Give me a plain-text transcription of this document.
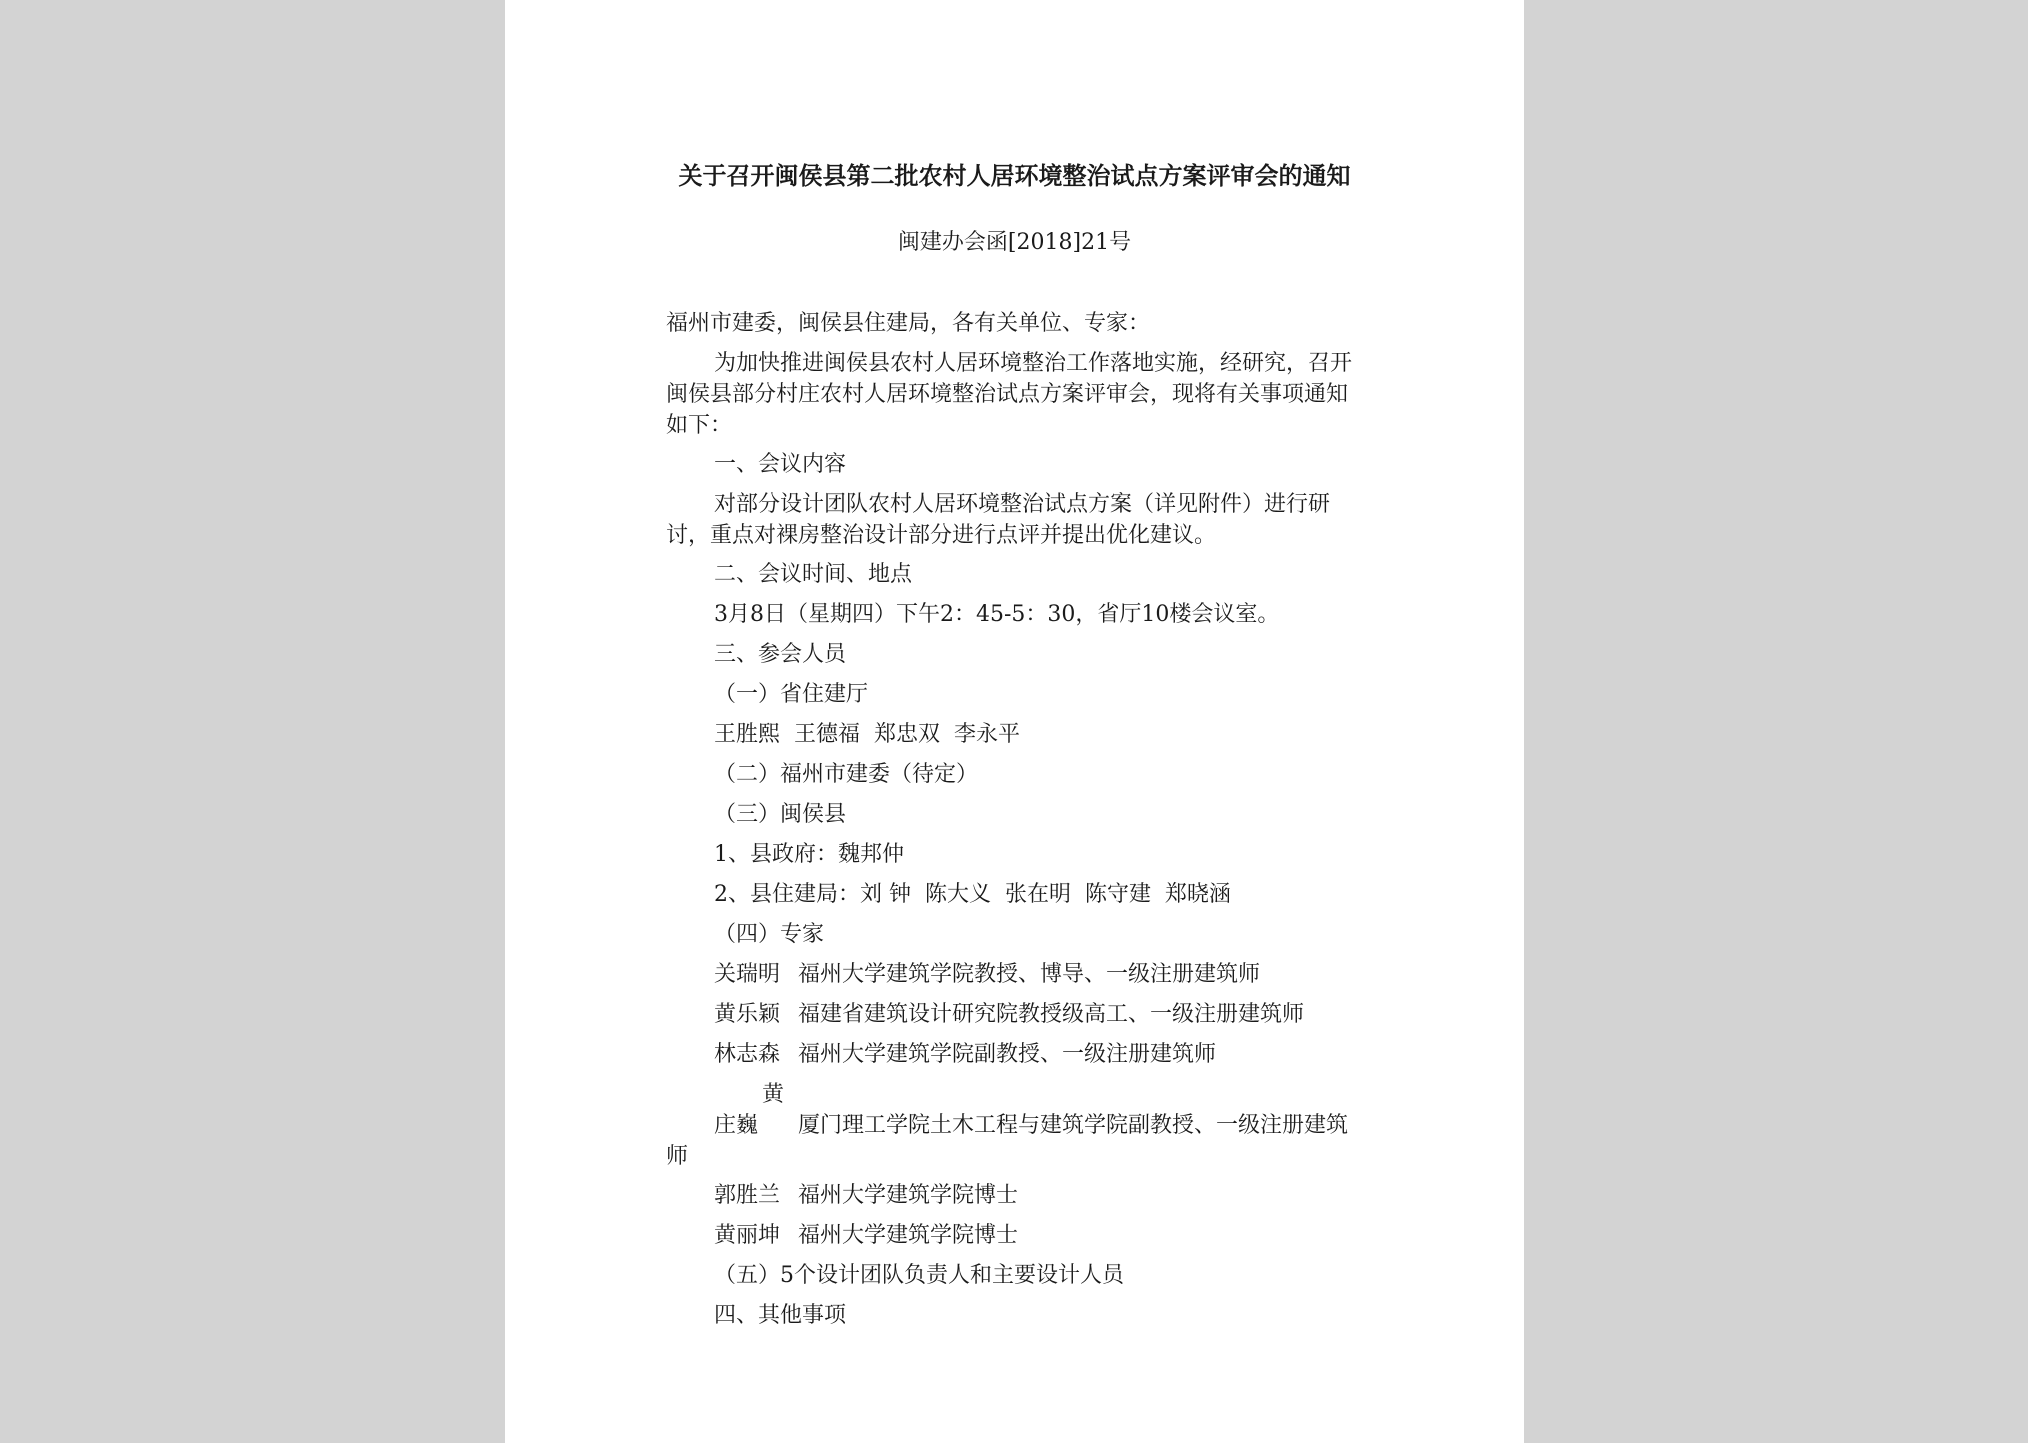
关于召开闽侯县第二批农村人居环境整治试点方案评审会的通知
闽建办会函[2018]21号
福州市建委，闽侯县住建局，各有关单位、专家：
为加快推进闽侯县农村人居环境整治工作落地实施，经研究，召开闽侯县部分村庄农村人居环境整治试点方案评审会，现将有关事项通知如下：
一、会议内容
对部分设计团队农村人居环境整治试点方案（详见附件）进行研讨，重点对裸房整治设计部分进行点评并提出优化建议。
二、会议时间、地点
3月8日（星期四）下午2：45-5：30，省厅10楼会议室。
三、参会人员
（一）省住建厅
王胜熙  王德福  郑忠双  李永平
（二）福州市建委（待定）
（三）闽侯县
1、县政府：魏邦仲
2、县住建局：刘 钟  陈大义  张在明  陈守建  郑晓涵
（四）专家
关瑞明 福州大学建筑学院教授、博导、一级注册建筑师
黄乐颖 福建省建筑设计研究院教授级高工、一级注册建筑师
林志森 福州大学建筑学院副教授、一级注册建筑师
黄庄巍 厦门理工学院土木工程与建筑学院副教授、一级注册建筑师
郭胜兰 福州大学建筑学院博士
黄丽坤 福州大学建筑学院博士
（五）5个设计团队负责人和主要设计人员
四、其他事项
